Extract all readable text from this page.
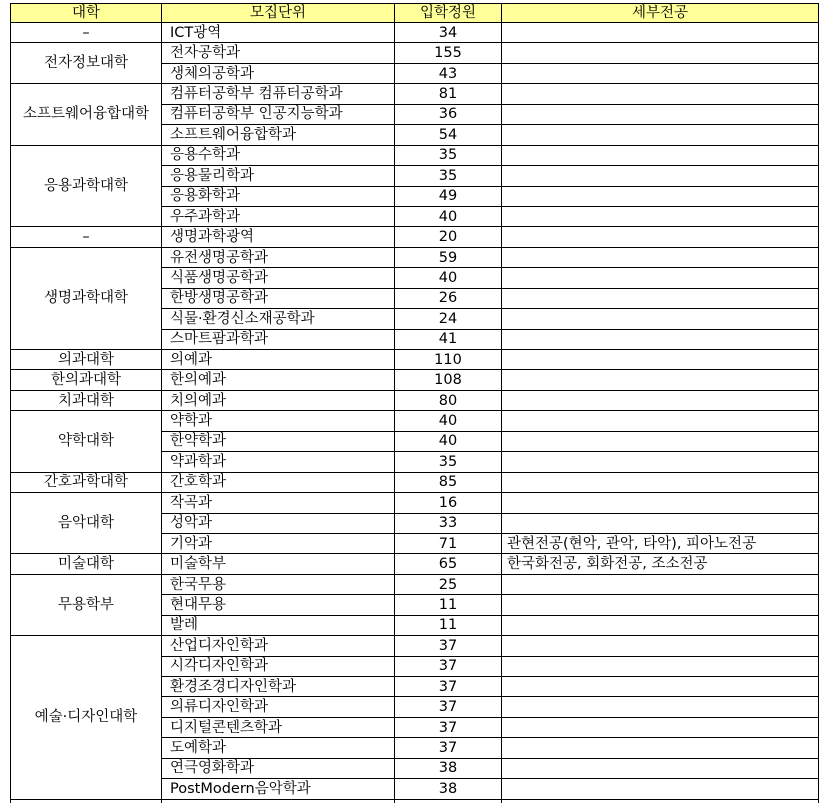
대학	모집단위	입학정원	세부전공
–	ICT광역	34	
전자정보대학	전자공학과	155	
	생체의공학과	43	
소프트웨어융합대학	컴퓨터공학부 컴퓨터공학과	81	
	컴퓨터공학부 인공지능학과	36	
	소프트웨어융합학과	54	
응용과학대학	응용수학과	35	
	응용물리학과	35	
	응용화학과	49	
	우주과학과	40	
–	생명과학광역	20	
생명과학대학	유전생명공학과	59	
	식품생명공학과	40	
	한방생명공학과	26	
	식물·환경신소재공학과	24	
	스마트팜과학과	41	
의과대학	의예과	110	
한의과대학	한의예과	108	
치과대학	치의예과	80	
약학대학	약학과	40	
	한약학과	40	
	약과학과	35	
간호과학대학	간호학과	85	
음악대학	작곡과	16	
	성악과	33	
	기악과	71	관현전공(현악, 관악, 타악), 피아노전공
미술대학	미술학부	65	한국화전공, 회화전공, 조소전공
무용학부	한국무용	25	
	현대무용	11	
	발레	11	
예술·디자인대학	산업디자인학과	37	
	시각디자인학과	37	
	환경조경디자인학과	37	
	의류디자인학과	37	
	디지털콘텐츠학과	37	
	도예학과	37	
	연극영화학과	38	
	PostModern음악학과	38	
